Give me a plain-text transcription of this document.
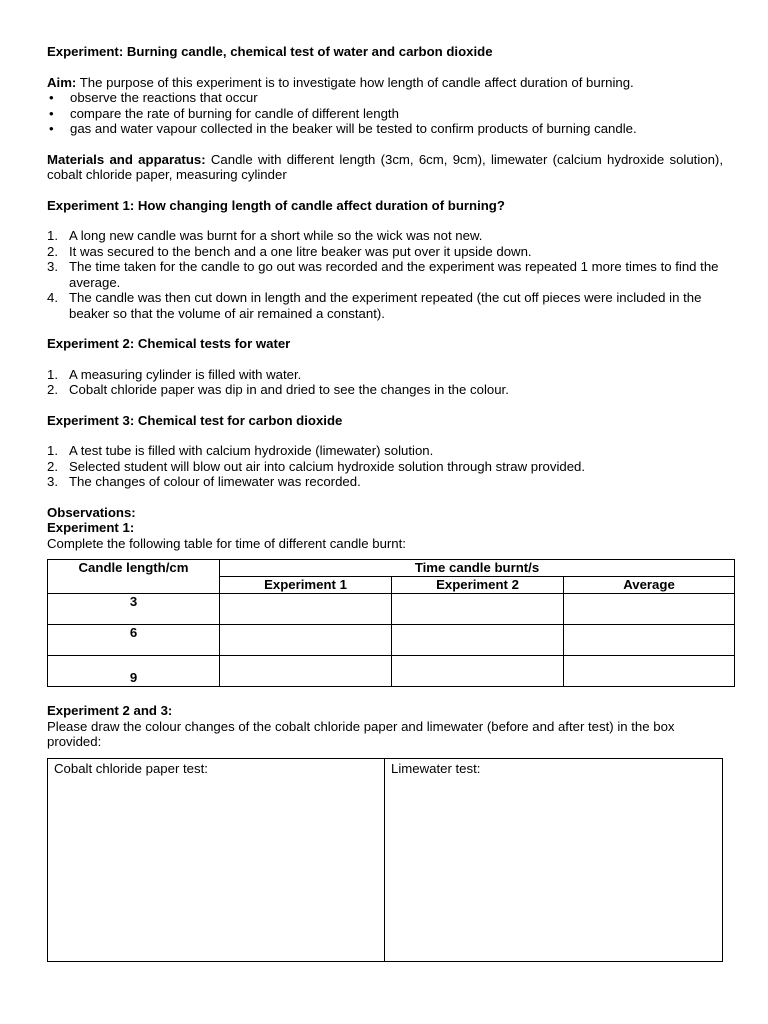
Experiment: Burning candle, chemical test of water and carbon dioxide

Aim: The purpose of this experiment is to investigate how length of candle affect duration of burning.

• observe the reactions that occur
• compare the rate of burning for candle of different length
• gas and water vapour collected in the beaker will be tested to confirm products of burning candle.

Materials and apparatus: Candle with different length (3cm, 6cm, 9cm), limewater (calcium hydroxide solution), cobalt chloride paper, measuring cylinder

Experiment 1: How changing length of candle affect duration of burning?

1. A long new candle was burnt for a short while so the wick was not new.
2. It was secured to the bench and a one litre beaker was put over it upside down.
3. The time taken for the candle to go out was recorded and the experiment was repeated 1 more times to find the average.
4. The candle was then cut down in length and the experiment repeated (the cut off pieces were included in the beaker so that the volume of air remained a constant).

Experiment 2: Chemical tests for water

1. A measuring cylinder is filled with water.
2. Cobalt chloride paper was dip in and dried to see the changes in the colour.

Experiment 3: Chemical test for carbon dioxide

1. A test tube is filled with calcium hydroxide (limewater) solution.
2. Selected student will blow out air into calcium hydroxide solution through straw provided.
3. The changes of colour of limewater was recorded.

Observations:

Experiment 1:

Complete the following table for time of different candle burnt:

Candle length/cm	Time candle burnt/s		
	Experiment 1	Experiment 2	Average
3			
6			
9			

Experiment 2 and 3:

Please draw the colour changes of the cobalt chloride paper and limewater (before and after test) in the box provided:

Cobalt chloride paper test:	Limewater test:
